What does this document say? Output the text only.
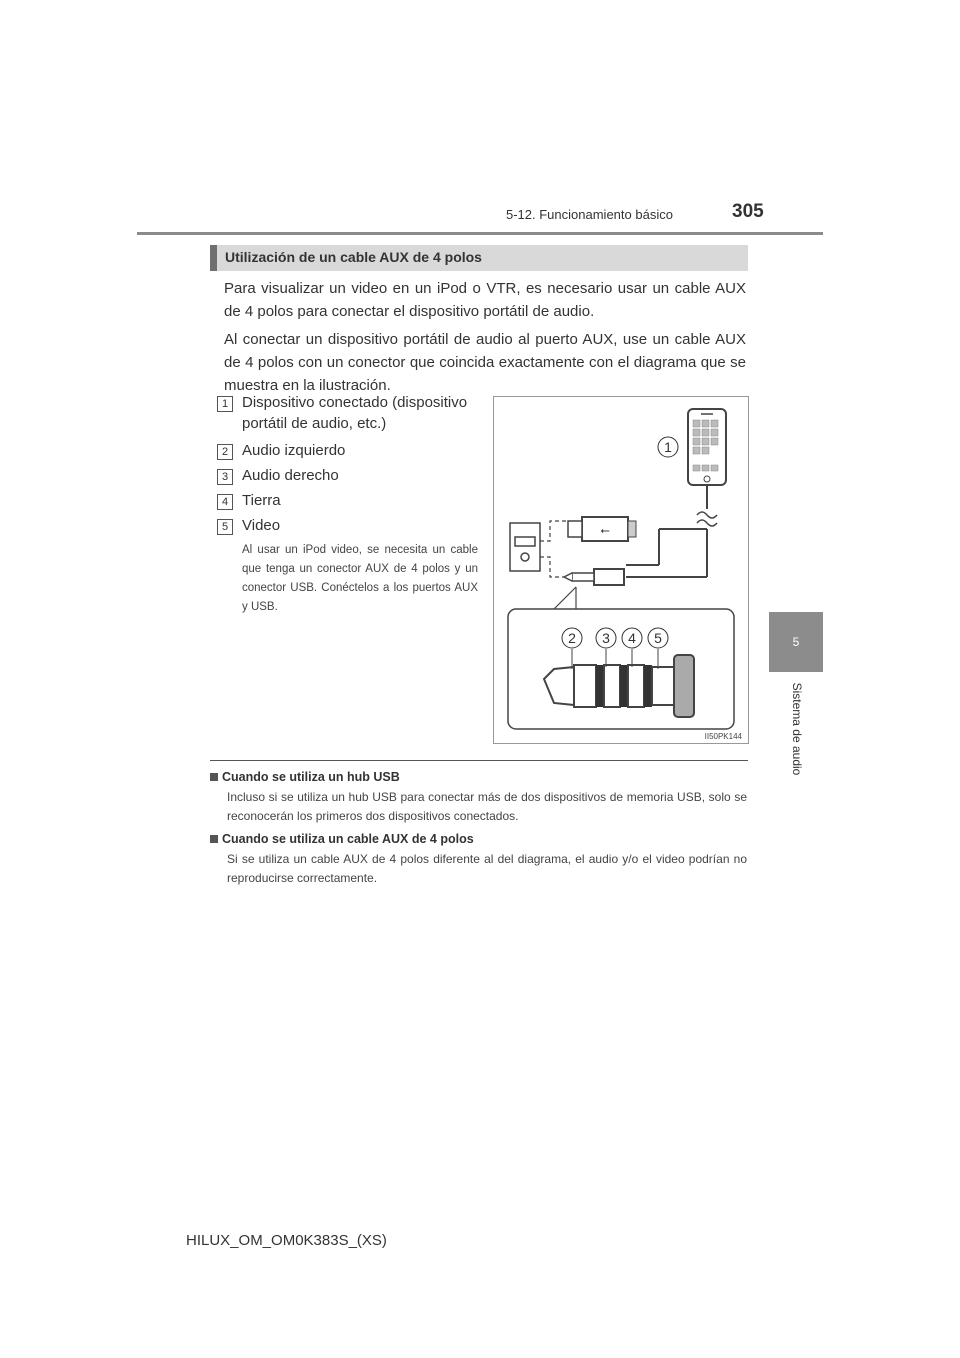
5-12. Funcionamiento básico	305
5
Sistema de audio
Utilización de un cable AUX de 4 polos
Para visualizar un video en un iPod o VTR, es necesario usar un cable AUX de 4 polos para conectar el dispositivo portátil de audio.
Al conectar un dispositivo portátil de audio al puerto AUX, use un cable AUX de 4 polos con un conector que coincida exactamente con el diagrama que se muestra en la ilustración.
1 Dispositivo conectado (dispositivo
portátil de audio, etc.)
2 Audio izquierdo
3 Audio derecho
4 Tierra
5 Video
Al usar un iPod video, se necesita un cable que tenga un conector AUX de 4 polos y un conector USB. Conéctelos a los puertos AUX y USB.
1
⭠
2 3 4 5
II50PK144
Cuando se utiliza un hub USB
Incluso si se utiliza un hub USB para conectar más de dos dispositivos de memoria USB, solo se reconocerán los primeros dos dispositivos conectados.
Cuando se utiliza un cable AUX de 4 polos
Si se utiliza un cable AUX de 4 polos diferente al del diagrama, el audio y/o el video podrían no reproducirse correctamente.
HILUX_OM_OM0K383S_(XS)
